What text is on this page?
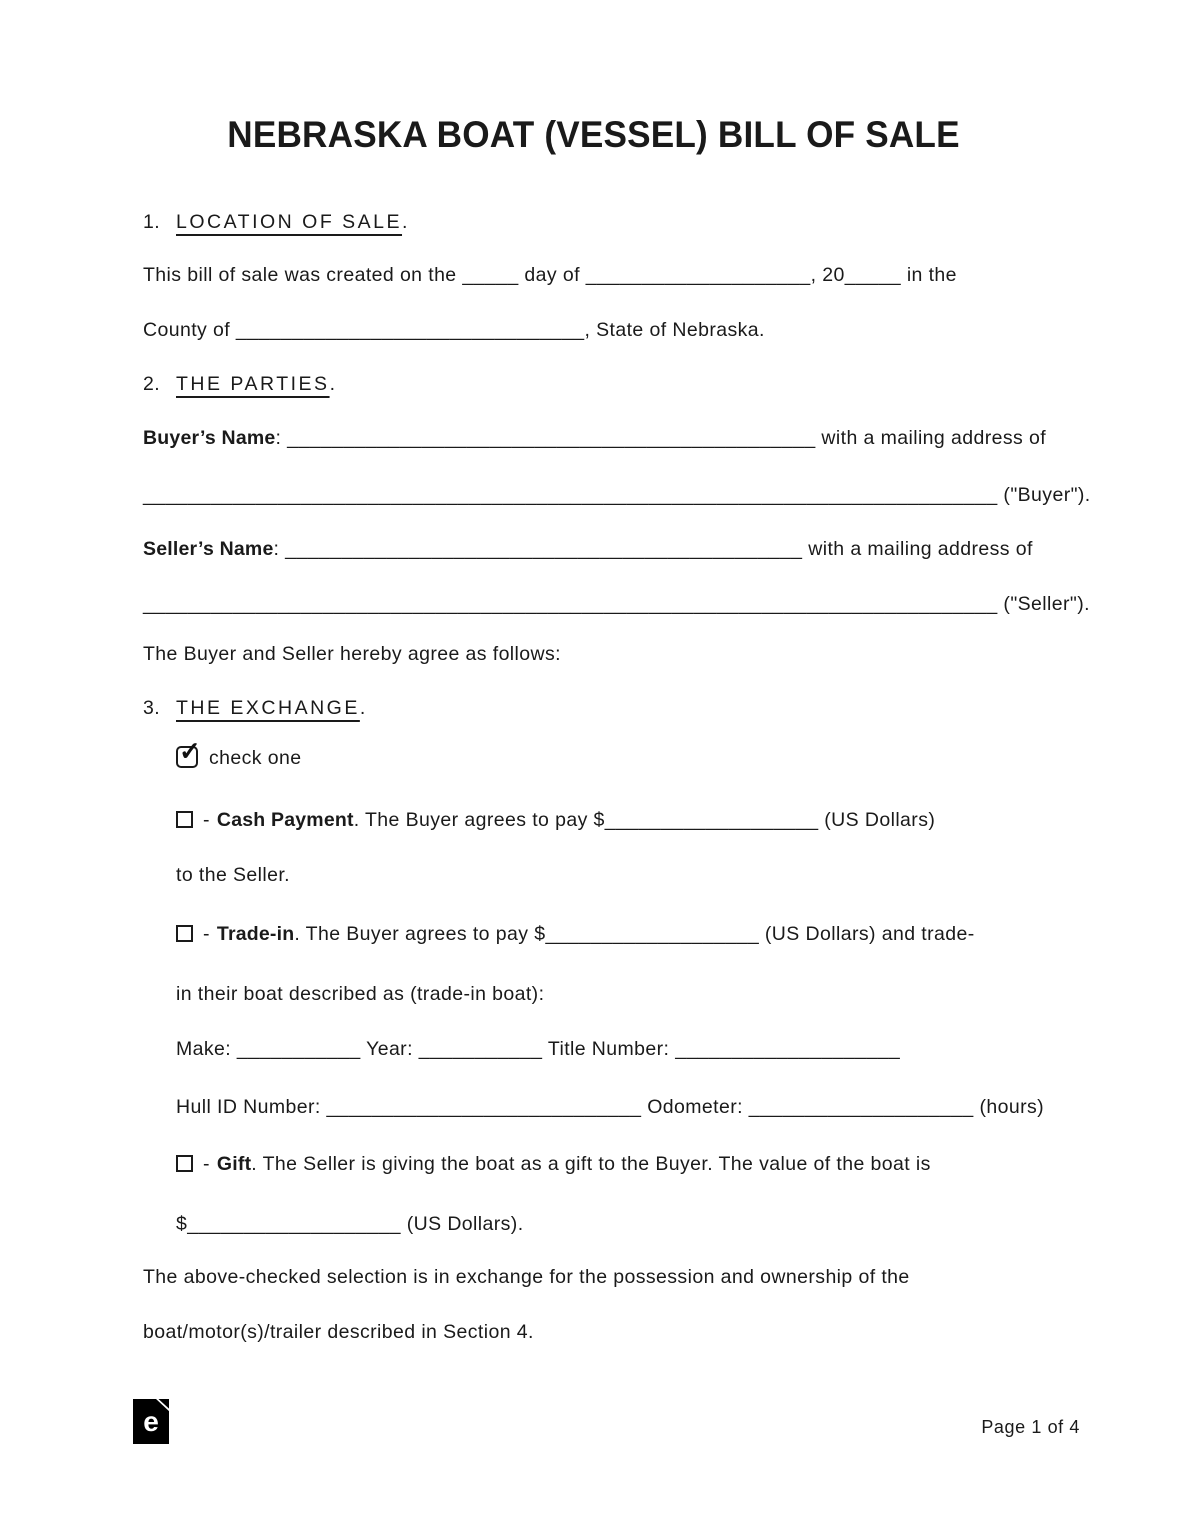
NEBRASKA BOAT (VESSEL) BILL OF SALE
1. LOCATION OF SALE.
This bill of sale was created on the _____ day of ____________________, 20_____ in the
County of _______________________________, State of Nebraska.
2. THE PARTIES.
Buyer’s Name: _______________________________________________ with a mailing address of
____________________________________________________________________________ ("Buyer").
Seller’s Name: ______________________________________________ with a mailing address of
____________________________________________________________________________ ("Seller").
The Buyer and Seller hereby agree as follows:
3. THE EXCHANGE.
✓ check one
- Cash Payment. The Buyer agrees to pay $___________________ (US Dollars)
to the Seller.
- Trade-in. The Buyer agrees to pay $___________________ (US Dollars) and trade-
in their boat described as (trade-in boat):
Make: ___________ Year: ___________ Title Number: ____________________
Hull ID Number: ____________________________ Odometer: ____________________ (hours)
- Gift. The Seller is giving the boat as a gift to the Buyer. The value of the boat is
$___________________ (US Dollars).
The above-checked selection is in exchange for the possession and ownership of the
boat/motor(s)/trailer described in Section 4.
e	Page 1 of 4
